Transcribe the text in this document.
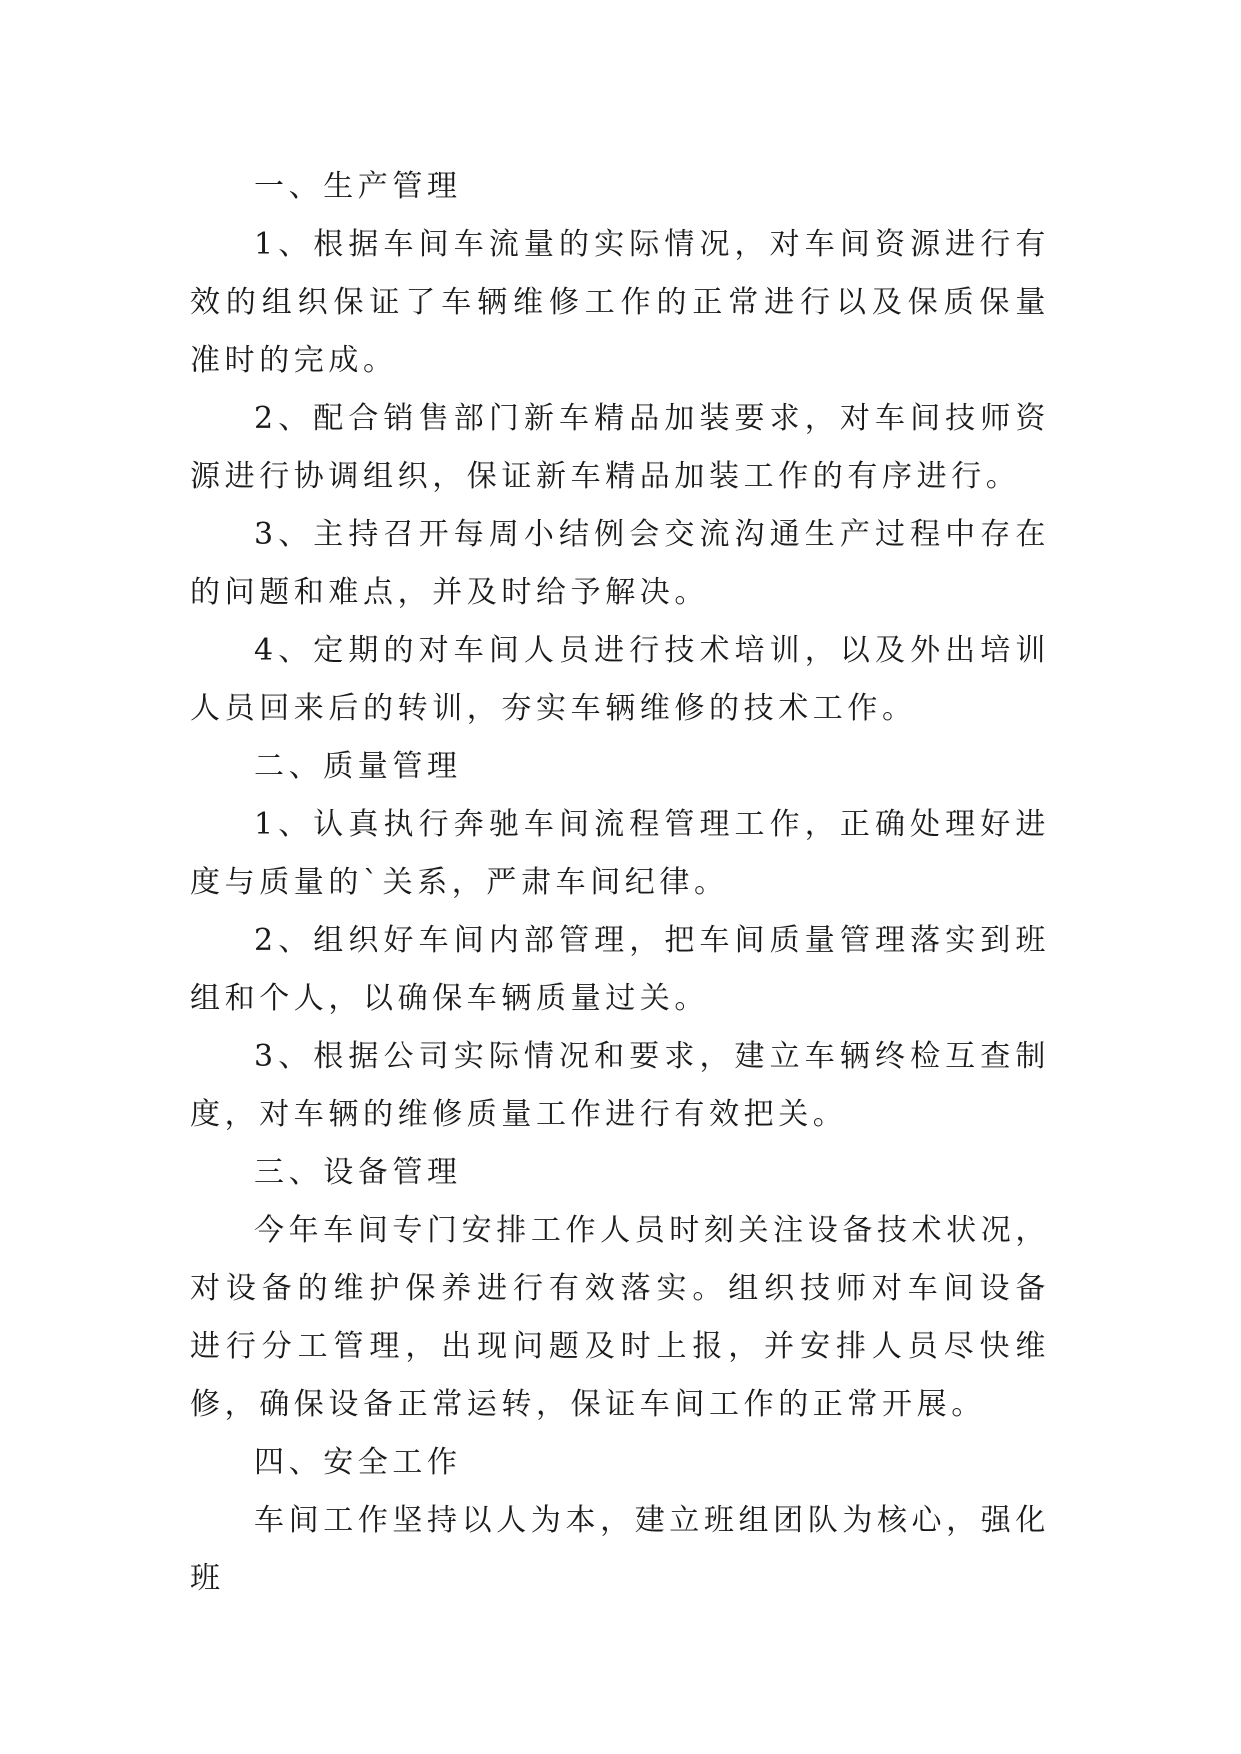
一、生产管理

1、根据车间车流量的实际情况，对车间资源进行有效的组织保证了车辆维修工作的正常进行以及保质保量准时的完成。

2、配合销售部门新车精品加装要求，对车间技师资源进行协调组织，保证新车精品加装工作的有序进行。

3、主持召开每周小结例会交流沟通生产过程中存在的问题和难点，并及时给予解决。

4、定期的对车间人员进行技术培训，以及外出培训人员回来后的转训，夯实车辆维修的技术工作。

二、质量管理

1、认真执行奔驰车间流程管理工作，正确处理好进度与质量的`关系，严肃车间纪律。

2、组织好车间内部管理，把车间质量管理落实到班组和个人，以确保车辆质量过关。

3、根据公司实际情况和要求，建立车辆终检互查制度，对车辆的维修质量工作进行有效把关。

三、设备管理

今年车间专门安排工作人员时刻关注设备技术状况，对设备的维护保养进行有效落实。组织技师对车间设备进行分工管理，出现问题及时上报，并安排人员尽快维修，确保设备正常运转，保证车间工作的正常开展。

四、安全工作

车间工作坚持以人为本，建立班组团队为核心，强化班
